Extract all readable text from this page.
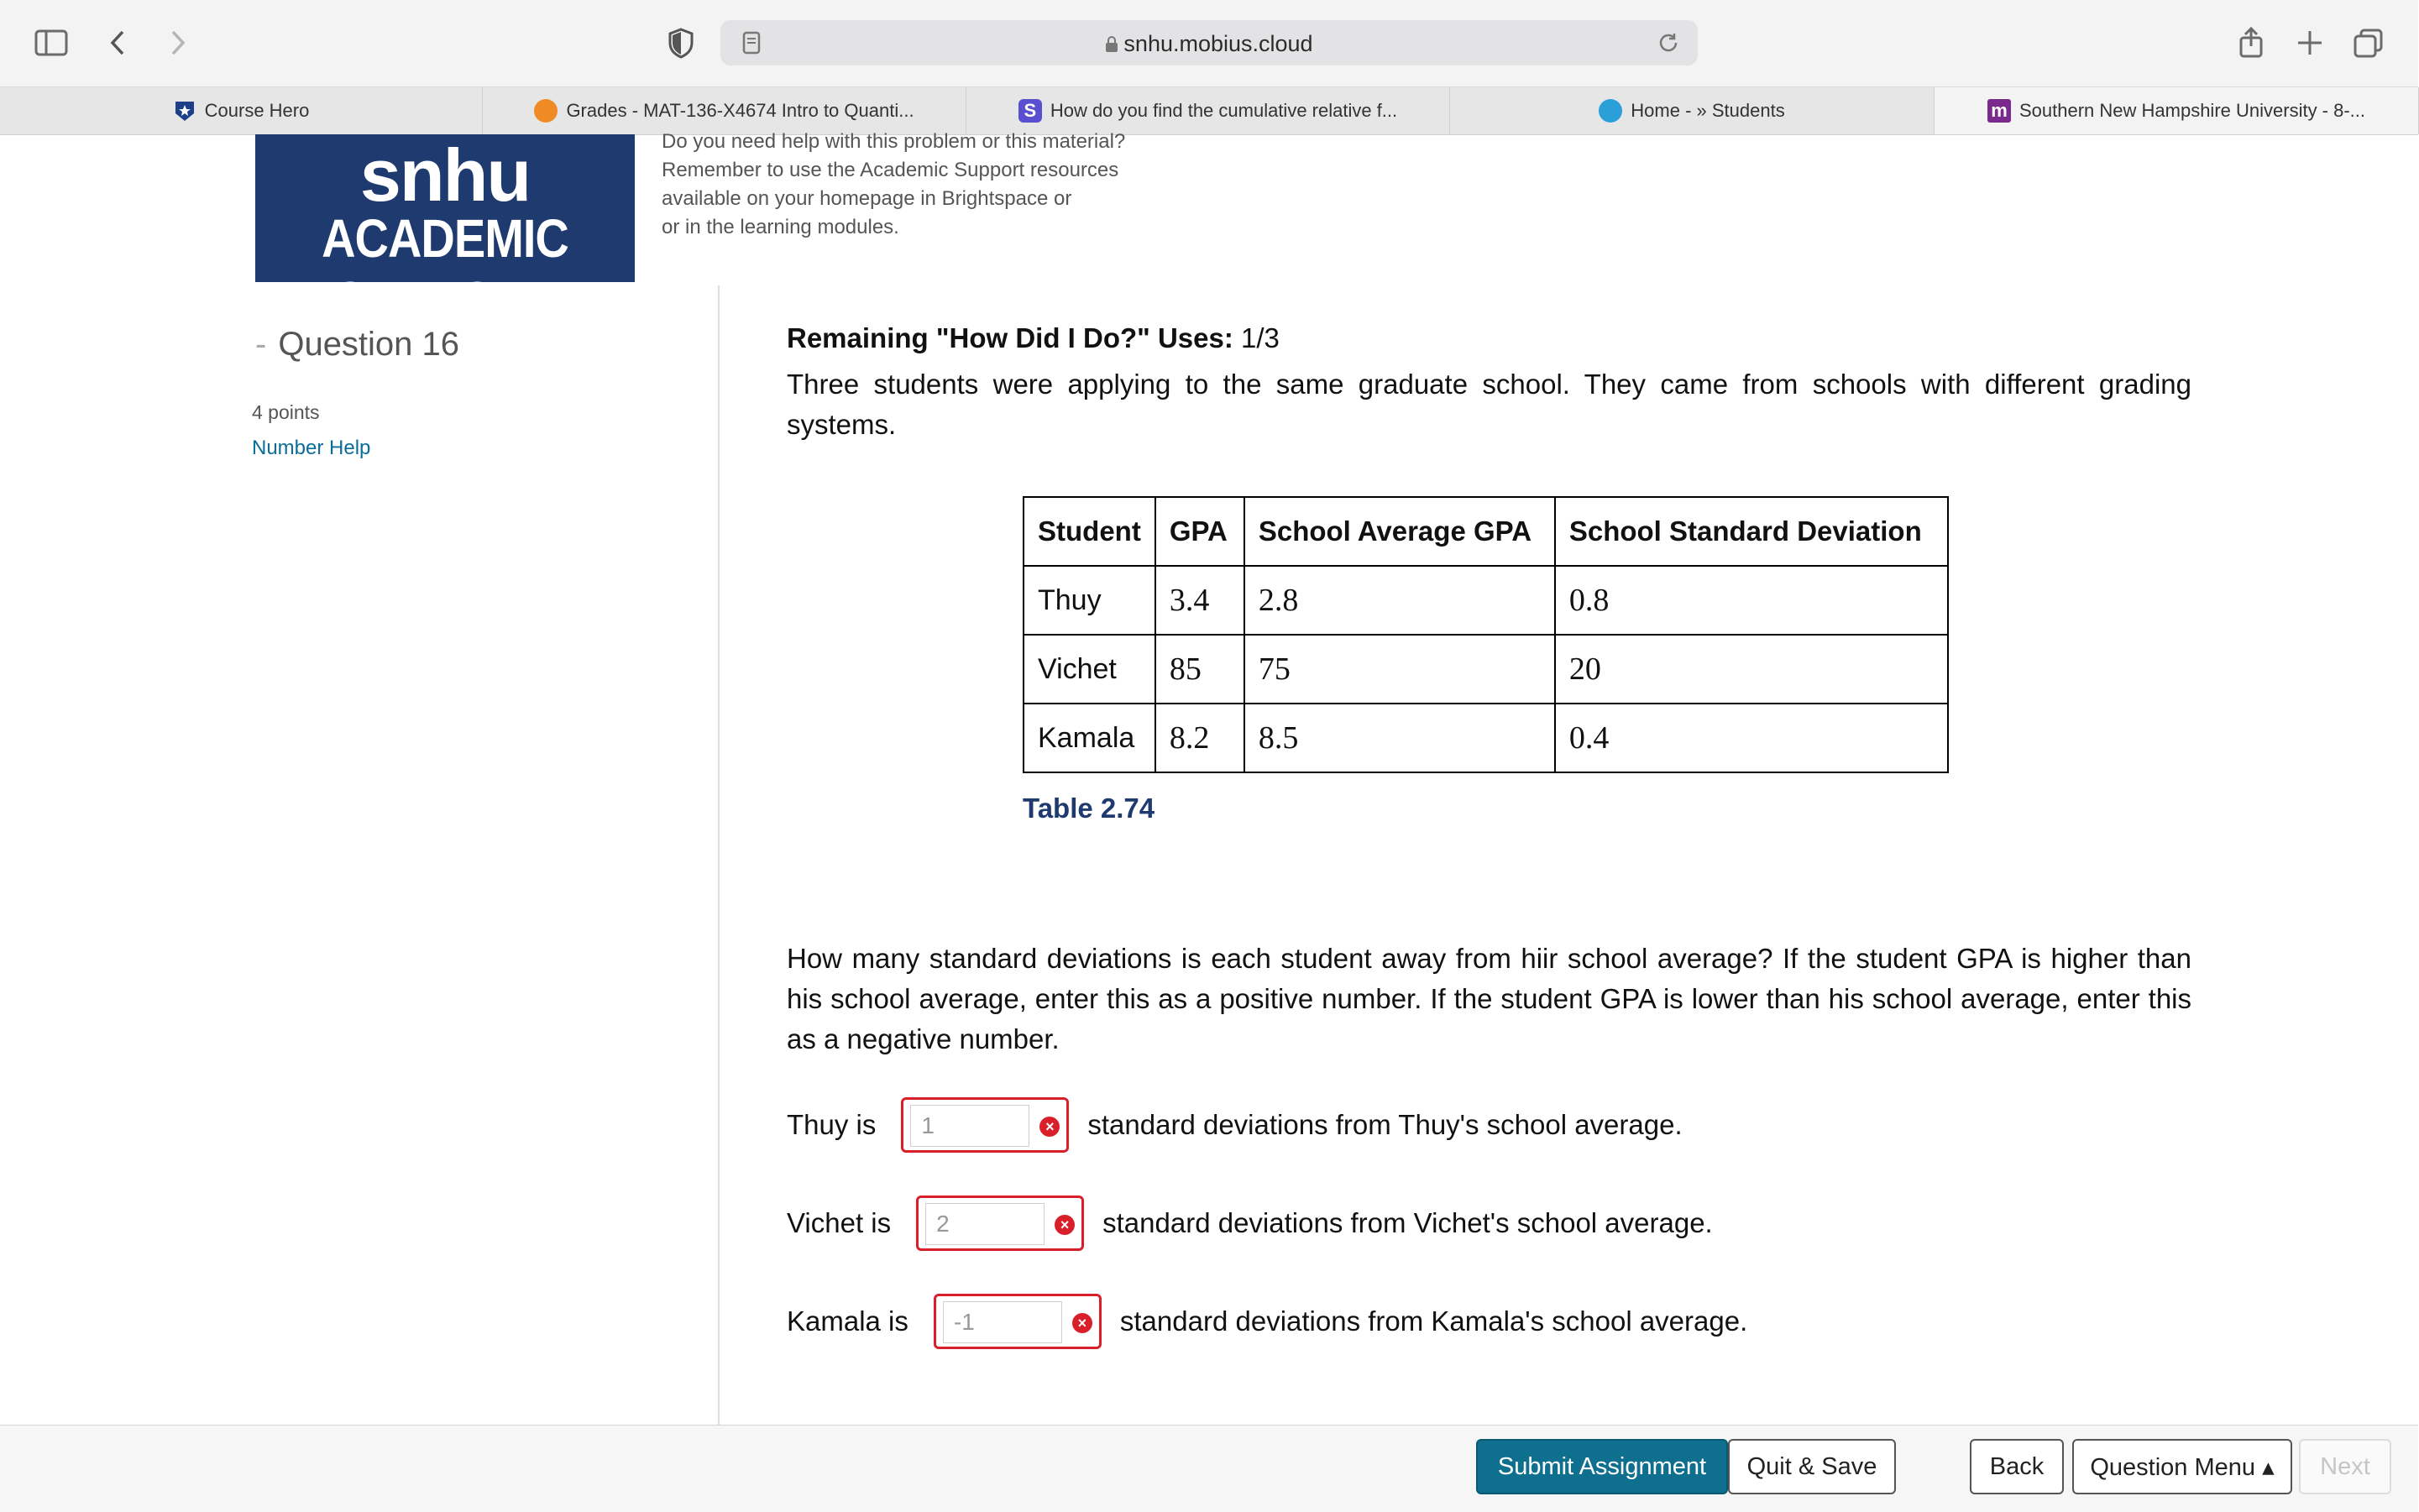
snhu.mobius.cloud
Course Hero	Grades - MAT-136-X4674 Intro to Quanti...	S How do you find the cumulative relative f...	Home - » Students	m Southern New Hampshire University - 8-...
snhu
ACADEMIC SUPPORT
Do you need help with this problem or this material?
Remember to use the Academic Support resources
available on your homepage in Brightspace or
or in the learning modules.
- Question 16
4 points
Number Help
Remaining "How Did I Do?" Uses: 1/3
Three students were applying to the same graduate school. They came from schools with different grading systems.
Student	GPA	School Average GPA	School Standard Deviation
Thuy	3.4	2.8	0.8
Vichet	85	75	20
Kamala	8.2	8.5	0.4
Table 2.74
How many standard deviations is each student away from hiir school average? If the student GPA is higher than his school average, enter this as a positive number. If the student GPA is lower than his school average, enter this as a negative number.
Thuy is
1	× standard deviations from Thuy's school average.
Vichet is
2	× standard deviations from Vichet's school average.
Kamala is
-1	× standard deviations from Kamala's school average.
Submit Assignment	Quit & Save	Back	Question Menu ▴	Next
